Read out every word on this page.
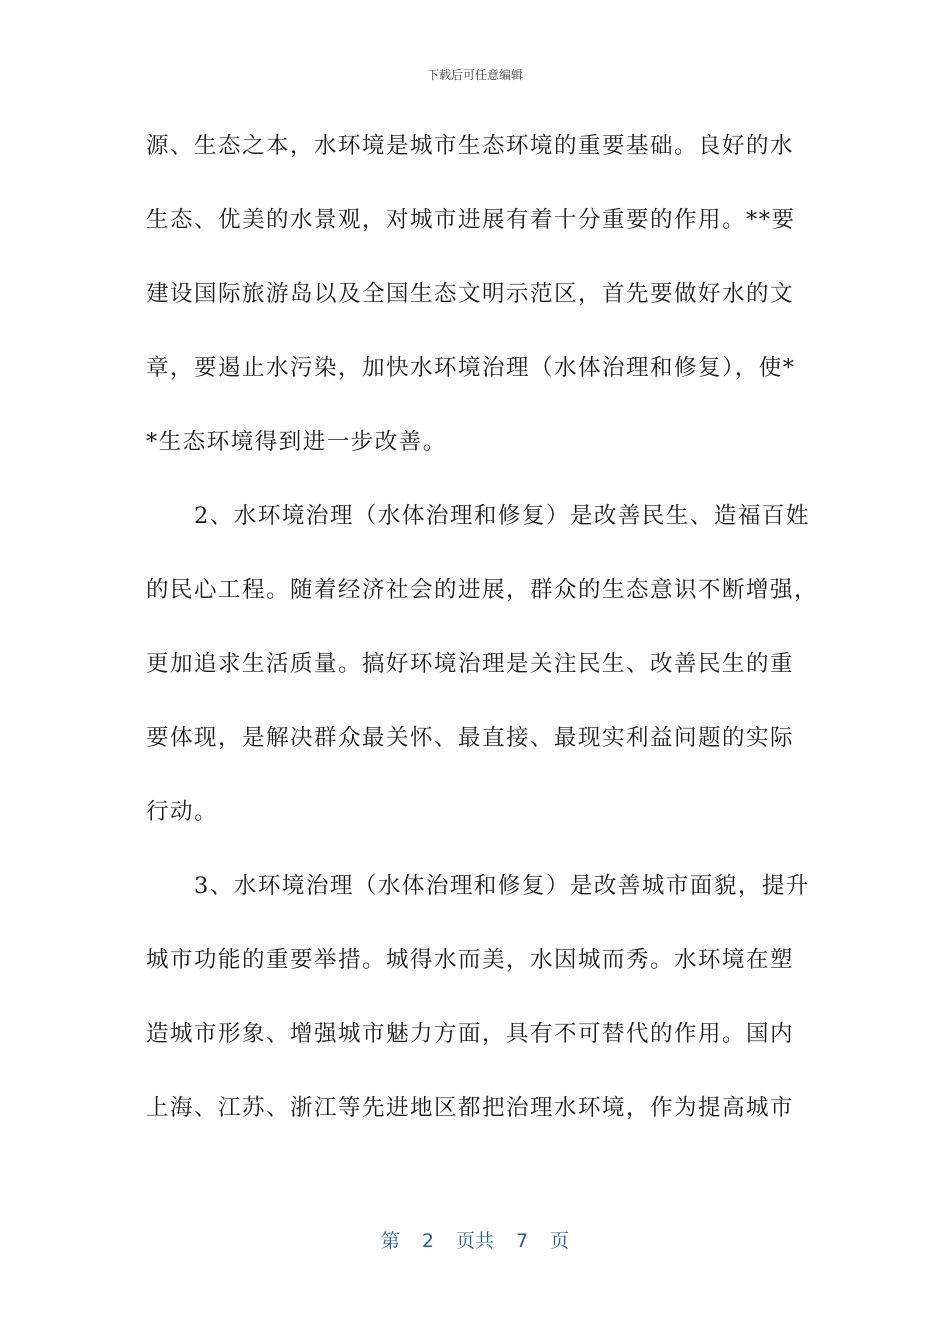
下载后可任意编辑
源、生态之本，水环境是城市生态环境的重要基础。良好的水
生态、优美的水景观，对城市进展有着十分重要的作用。**要
建设国际旅游岛以及全国生态文明示范区，首先要做好水的文
章，要遏止水污染，加快水环境治理（水体治理和修复），使*
*生态环境得到进一步改善。
　　2、水环境治理（水体治理和修复）是改善民生、造福百姓
的民心工程。随着经济社会的进展，群众的生态意识不断增强，
更加追求生活质量。搞好环境治理是关注民生、改善民生的重
要体现，是解决群众最关怀、最直接、最现实利益问题的实际
行动。
　　3、水环境治理（水体治理和修复）是改善城市面貌，提升
城市功能的重要举措。城得水而美，水因城而秀。水环境在塑
造城市形象、增强城市魅力方面，具有不可替代的作用。国内
上海、江苏、浙江等先进地区都把治理水环境，作为提高城市
第 2 页共 7 页
